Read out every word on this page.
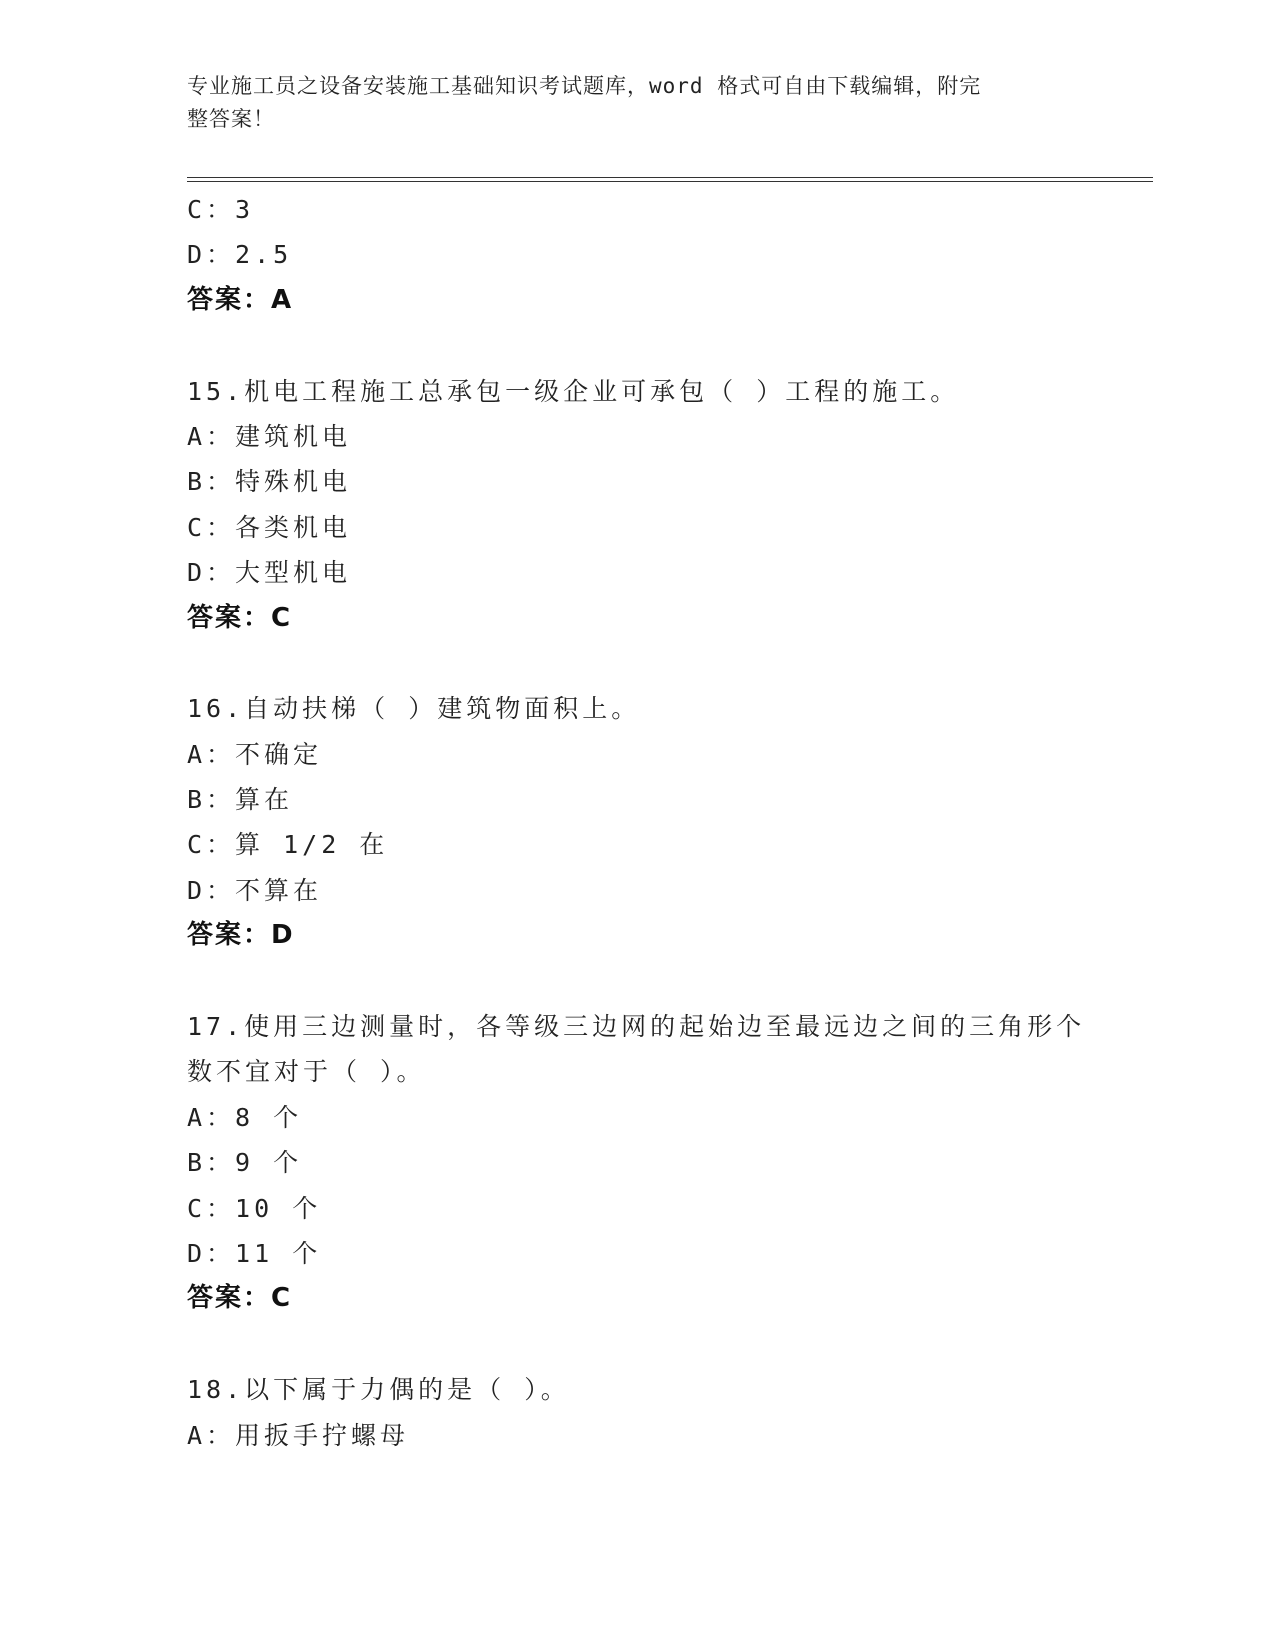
专业施工员之设备安装施工基础知识考试题库，word 格式可自由下载编辑，附完
整答案！
C：3
D：2.5
答案：A
15.机电工程施工总承包一级企业可承包（ ）工程的施工。
A：建筑机电
B：特殊机电
C：各类机电
D：大型机电
答案：C
16.自动扶梯（ ）建筑物面积上。
A：不确定
B：算在
C：算 1/2 在
D：不算在
答案：D
17.使用三边测量时，各等级三边网的起始边至最远边之间的三角形个
数不宜对于（ ）。
A：8 个
B：9 个
C：10 个
D：11 个
答案：C
18.以下属于力偶的是（ ）。
A：用扳手拧螺母
